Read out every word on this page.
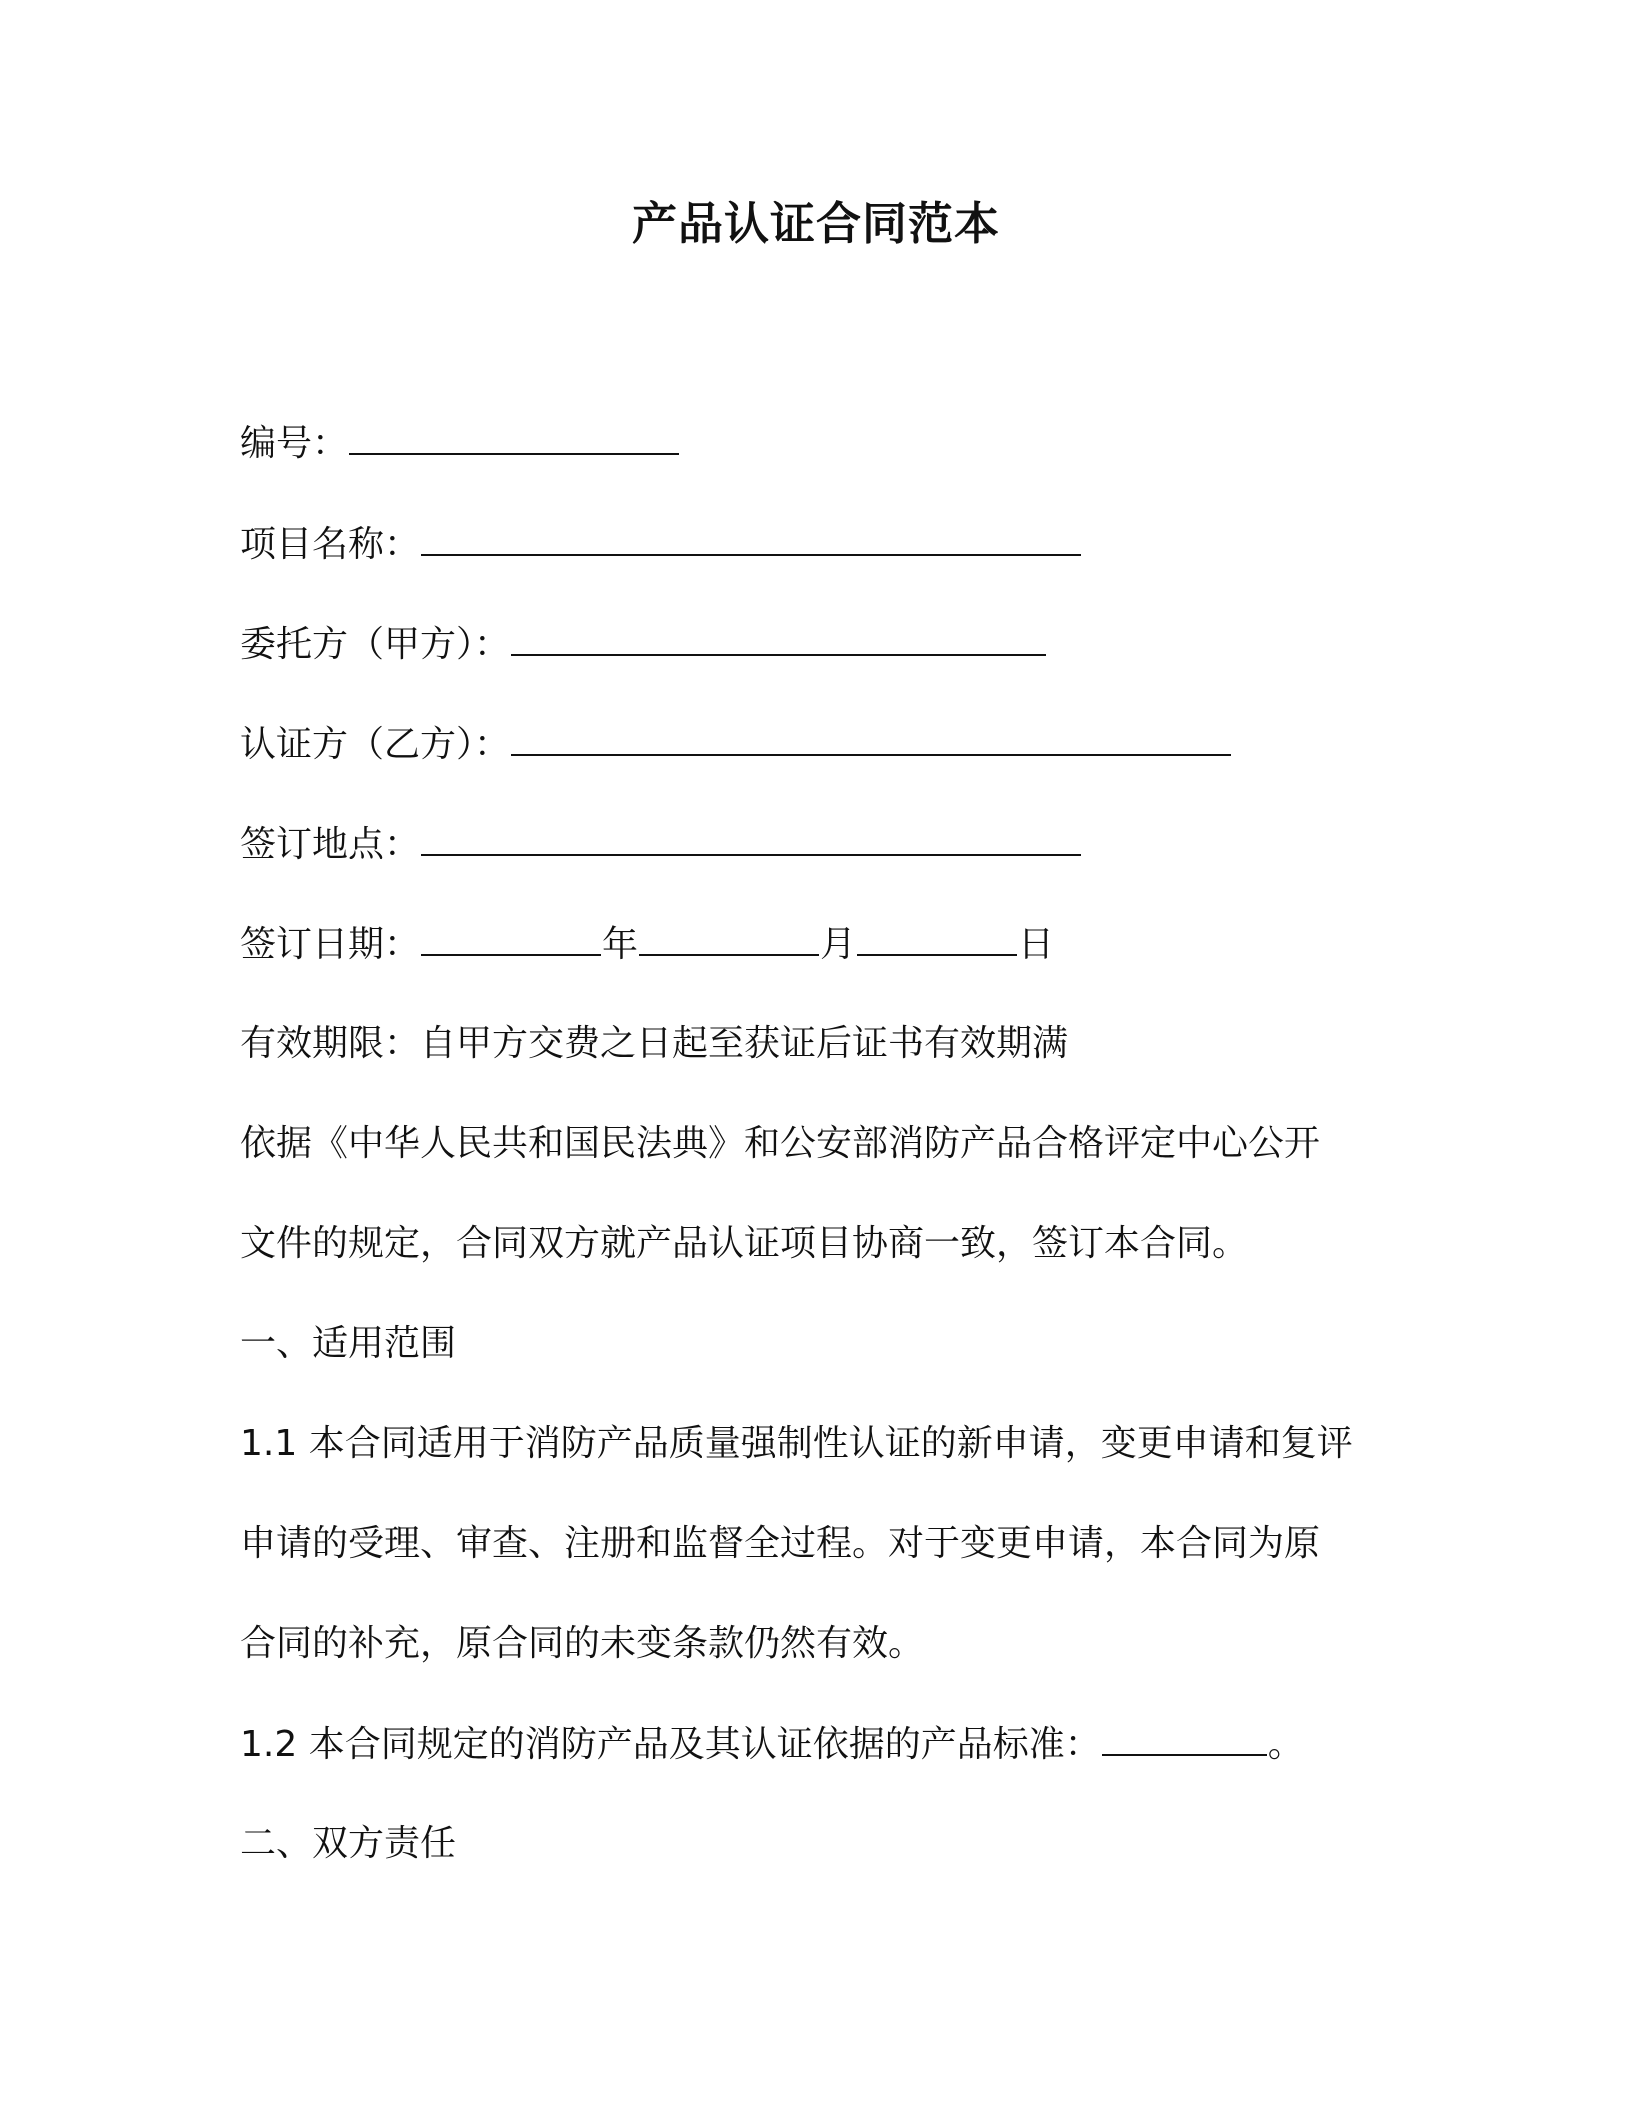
产品认证合同范本
编号：
项目名称：
委托方（甲方）：
认证方（乙方）：
签订地点：
签订日期：	年	月	日
有效期限：自甲方交费之日起至获证后证书有效期满
依据《中华人民共和国民法典》和公安部消防产品合格评定中心公开
文件的规定，合同双方就产品认证项目协商一致，签订本合同。
一、适用范围
1.1 本合同适用于消防产品质量强制性认证的新申请，变更申请和复评
申请的受理、审查、注册和监督全过程。对于变更申请，本合同为原
合同的补充，原合同的未变条款仍然有效。
1.2 本合同规定的消防产品及其认证依据的产品标准：	。
二、双方责任
